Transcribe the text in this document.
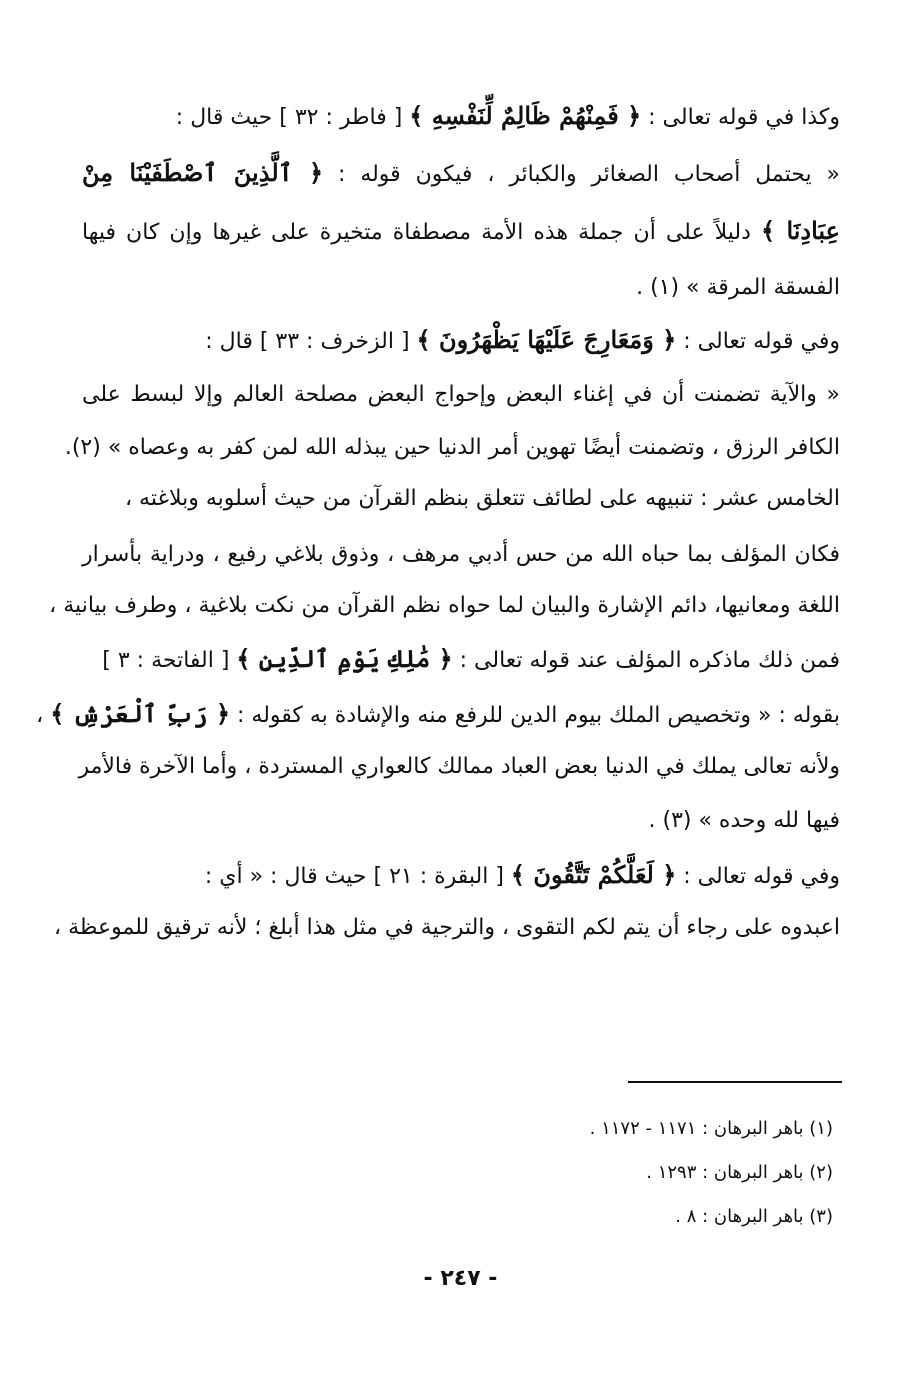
وكذا في قوله تعالى : ﴿ فَمِنْهُمْ ظَالِمٌ لِّنَفْسِهِ ﴾ [ فاطر : ٣٢ ] حيث قال :
« يحتمل أصحاب الصغائر والكبائر ، فيكون قوله : ﴿ ٱلَّذِينَ ٱصْطَفَيْنَا مِنْ
عِبَادِنَا ﴾ دليلاً على أن جملة هذه الأمة مصطفاة متخيرة على غيرها وإن كان فيها
الفسقة المرقة » (١) .
وفي قوله تعالى : ﴿ وَمَعَارِجَ عَلَيْهَا يَظْهَرُونَ ﴾ [ الزخرف : ٣٣ ] قال :
« والآية تضمنت أن في إغناء البعض وإحواج البعض مصلحة العالم وإلا لبسط على
الكافر الرزق ، وتضمنت أيضًا تهوين أمر الدنيا حين يبذله الله لمن كفر به وعصاه » (٢).
الخامس عشر : تنبيهه على لطائف تتعلق بنظم القرآن من حيث أسلوبه وبلاغته ،
فكان المؤلف بما حباه الله من حس أدبي مرهف ، وذوق بلاغي رفيع ، ودراية بأسرار
اللغة ومعانيها، دائم الإشارة والبيان لما حواه نظم القرآن من نكت بلاغية ، وطرف بيانية ،
فمن ذلك ماذكره المؤلف عند قوله تعالى : ﴿ مَٰلِكِ يَوْمِ ٱلدِّينِ ﴾ [ الفاتحة : ٣ ]
بقوله : « وتخصيص الملك بيوم الدين للرفع منه والإشادة به كقوله : ﴿ رَبِّ ٱلْعَرْشِ ﴾ ،
ولأنه تعالى يملك في الدنيا بعض العباد ممالك كالعواري المستردة ، وأما الآخرة فالأمر
فيها لله وحده » (٣) .
وفي قوله تعالى : ﴿ لَعَلَّكُمْ تَتَّقُونَ ﴾ [ البقرة : ٢١ ] حيث قال : « أي :
اعبدوه على رجاء أن يتم لكم التقوى ، والترجية في مثل هذا أبلغ ؛ لأنه ترقيق للموعظة ،
(١) باهر البرهان : ١١٧١ - ١١٧٢ .
(٢) باهر البرهان : ١٢٩٣ .
(٣) باهر البرهان : ٨ .
- ٢٤٧ -
